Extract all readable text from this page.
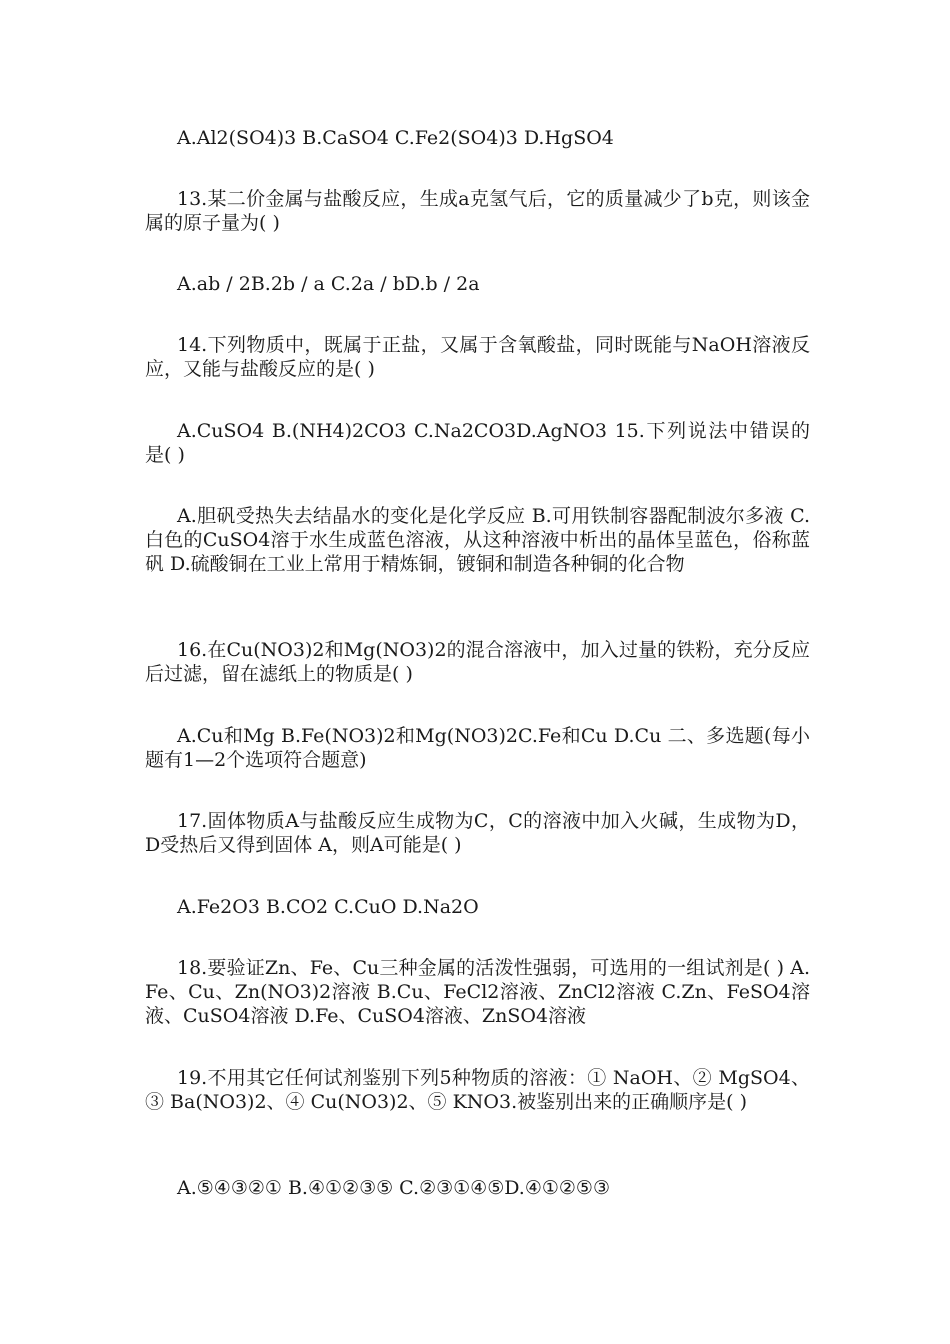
A.Al2(SO4)3 B.CaSO4 C.Fe2(SO4)3 D.HgSO4

13.某二价金属与盐酸反应，生成a克氢气后，它的质量减少了b克，则该金属的原子量为( )

A.ab / 2B.2b / a C.2a / bD.b / 2a

14.下列物质中，既属于正盐，又属于含氧酸盐，同时既能与NaOH溶液反应，又能与盐酸反应的是( )

A.CuSO4 B.(NH4)2CO3 C.Na2CO3D.AgNO3 15.下列说法中错误的是( )

A.胆矾受热失去结晶水的变化是化学反应 B.可用铁制容器配制波尔多液 C.白色的CuSO4溶于水生成蓝色溶液，从这种溶液中析出的晶体呈蓝色，俗称蓝矾 D.硫酸铜在工业上常用于精炼铜，镀铜和制造各种铜的化合物

16.在Cu(NO3)2和Mg(NO3)2的混合溶液中，加入过量的铁粉，充分反应后过滤，留在滤纸上的物质是( )

A.Cu和Mg B.Fe(NO3)2和Mg(NO3)2C.Fe和Cu D.Cu 二、多选题(每小题有1—2个选项符合题意)

17.固体物质A与盐酸反应生成物为C，C的溶液中加入火碱，生成物为D，D受热后又得到固体 A，则A可能是( )

A.Fe2O3 B.CO2 C.CuO D.Na2O

18.要验证Zn、Fe、Cu三种金属的活泼性强弱，可选用的一组试剂是( ) A.Fe、Cu、Zn(NO3)2溶液 B.Cu、FeCl2溶液、ZnCl2溶液 C.Zn、FeSO4溶液、CuSO4溶液 D.Fe、CuSO4溶液、ZnSO4溶液

19.不用其它任何试剂鉴别下列5种物质的溶液：① NaOH、② MgSO4、③ Ba(NO3)2、④ Cu(NO3)2、⑤ KNO3.被鉴别出来的正确顺序是( )

A.⑤④③②① B.④①②③⑤ C.②③①④⑤D.④①②⑤③
